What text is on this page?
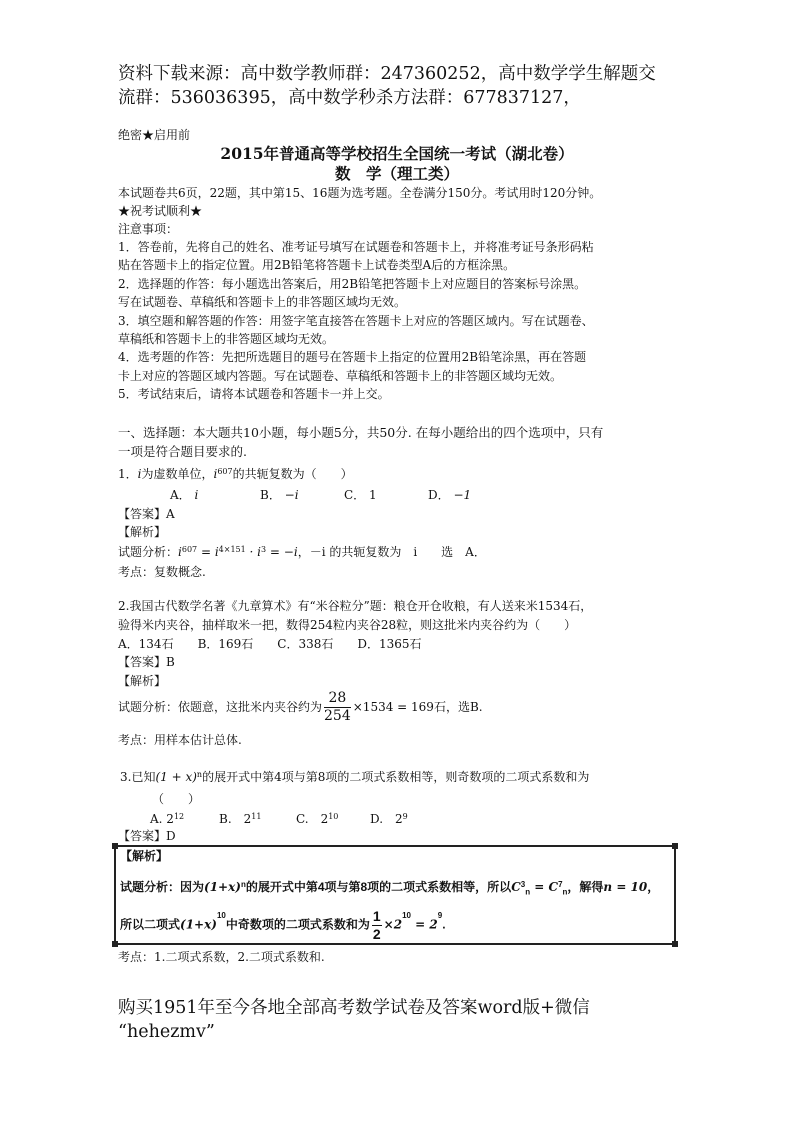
资料下载来源：高中数学教师群：247360252，高中数学学生解题交
流群：536036395，高中数学秒杀方法群：677837127，
绝密★启用前
2015年普通高等学校招生全国统一考试（湖北卷）
数　学（理工类）
本试题卷共6页，22题，其中第15、16题为选考题。全卷满分150分。考试用时120分钟。
★祝考试顺利★
注意事项：
1．答卷前，先将自己的姓名、准考证号填写在试题卷和答题卡上，并将准考证号条形码粘
贴在答题卡上的指定位置。用2B铅笔将答题卡上试卷类型A后的方框涂黑。
2．选择题的作答：每小题选出答案后，用2B铅笔把答题卡上对应题目的答案标号涂黑。
写在试题卷、草稿纸和答题卡上的非答题区域均无效。
3．填空题和解答题的作答：用签字笔直接答在答题卡上对应的答题区域内。写在试题卷、
草稿纸和答题卡上的非答题区域均无效。
4．选考题的作答：先把所选题目的题号在答题卡上指定的位置用2B铅笔涂黑，再在答题
卡上对应的答题区域内答题。写在试题卷、草稿纸和答题卡上的非答题区域均无效。
5．考试结束后，请将本试题卷和答题卡一并上交。
一、选择题：本大题共10小题，每小题5分，共50分. 在每小题给出的四个选项中，只有
一项是符合题目要求的.
1．i为虚数单位，$i^{607}$的共轭复数为（　　）
A． i	B． −i	C． 1	D． −1
【答案】A
【解析】
试题分析：$i^{607} = i^{4\times 151} \cdot i^3 = -i$，－i 的共轭复数为　i　　选　A．
考点：复数概念.
2.我国古代数学名著《九章算术》有“米谷粒分”题：粮仓开仓收粮，有人送来米1534石，
验得米内夹谷，抽样取米一把，数得254粒内夹谷28粒，则这批米内夹谷约为（　　）
A．134石　　B．169石　　C．338石　　D．1365石
【答案】B
【解析】
试题分析：依题意，这批米内夹谷约为 $\frac{28}{254} \times 1534 = 169$石，选B.
考点：用样本估计总体.
3.已知$(1 + x)^n$的展开式中第4项与第8项的二项式系数相等，则奇数项的二项式系数和为
（　　）
A. $2^{12}$	B.　$2^{11}$	C.　$2^{10}$	D.　$2^9$
【答案】D
【解析】
试题分析：因为$(1+x)^n$的展开式中第4项与第8项的二项式系数相等，所以$C^3_n = C^7_n$，解得n = 10，
所以二项式$(1+x)^{10}$中奇数项的二项式系数和为 $\frac{1}{2} \times 2^{10} = 2^9$.
考点：1.二项式系数，2.二项式系数和.
购买1951年至今各地全部高考数学试卷及答案word版+微信
“hehezmv”
